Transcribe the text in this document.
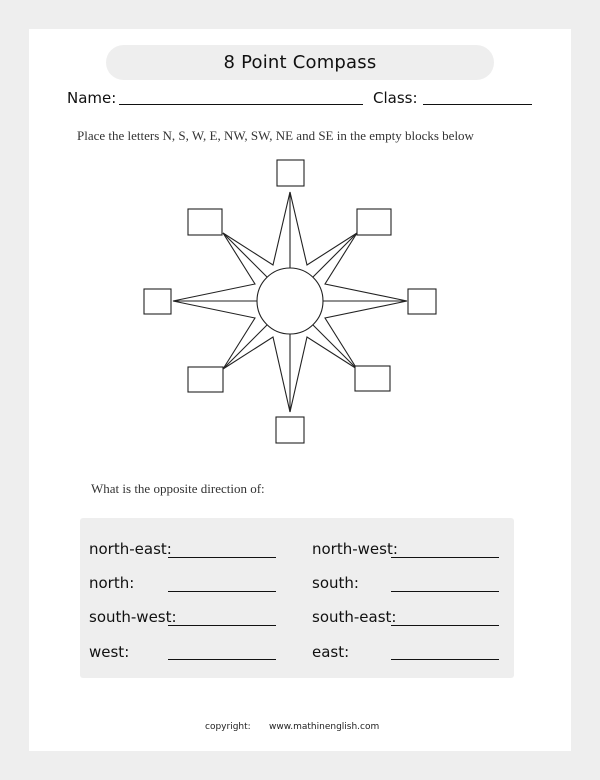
8 Point Compass
Name:	Class:
Place the letters N, S, W, E, NW, SW, NE and SE in the empty blocks below
What is the opposite direction of:
north-east:
north:
south-west:
west:
north-west:
south:
south-east:
east:
copyright: www.mathinenglish.com
